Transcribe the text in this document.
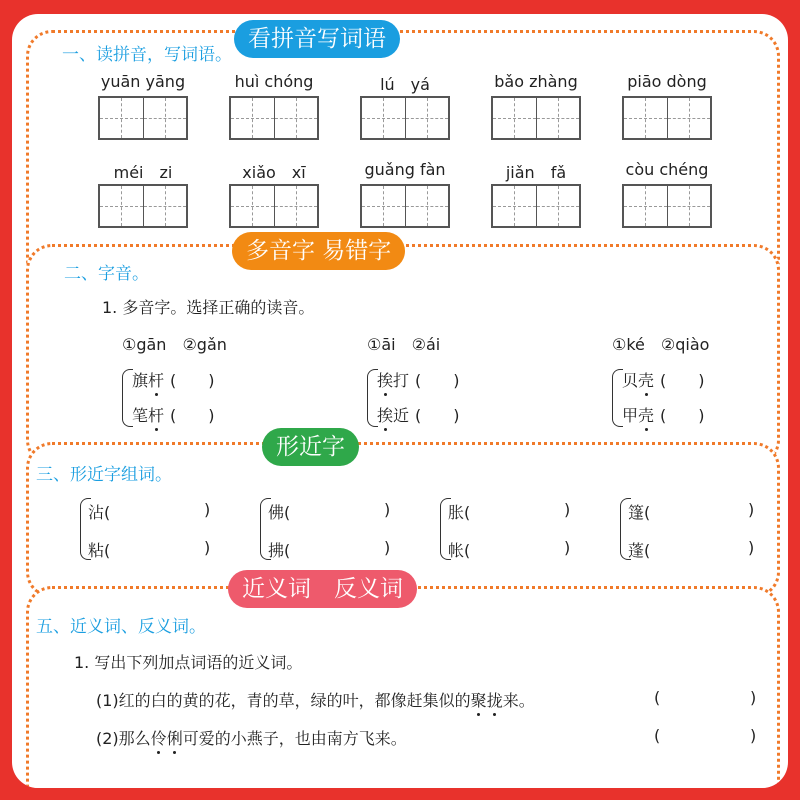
看拼音写词语
一、读拼音，写词语。
yuān yāng	huì chóng	lú　yá	bǎo zhàng	piāo dòng
méi　zi	xiǎo　xī	guǎng fàn	jiǎn　fǎ	còu chéng
多音字 易错字
二、字音。
1. 多音字。选择正确的读音。
①gān　②gǎn
旗杆 (　　)
笔杆 (　　)
①āi　②ái
挨打 (　　)
挨近 (　　)
①ké　②qiào
贝壳 (　　)
甲壳 (　　)
形近字
三、形近字组词。
沾(	)
粘(	)
佛(	)
拂(	)
胀(	)
帐(	)
篷(	)
蓬(	)
近义词　反义词
五、近义词、反义词。
1. 写出下列加点词语的近义词。
(1)红的白的黄的花，青的草，绿的叶，都像赶集似的聚拢来。	(	)
(2)那么伶俐可爱的小燕子，也由南方飞来。	(	)
